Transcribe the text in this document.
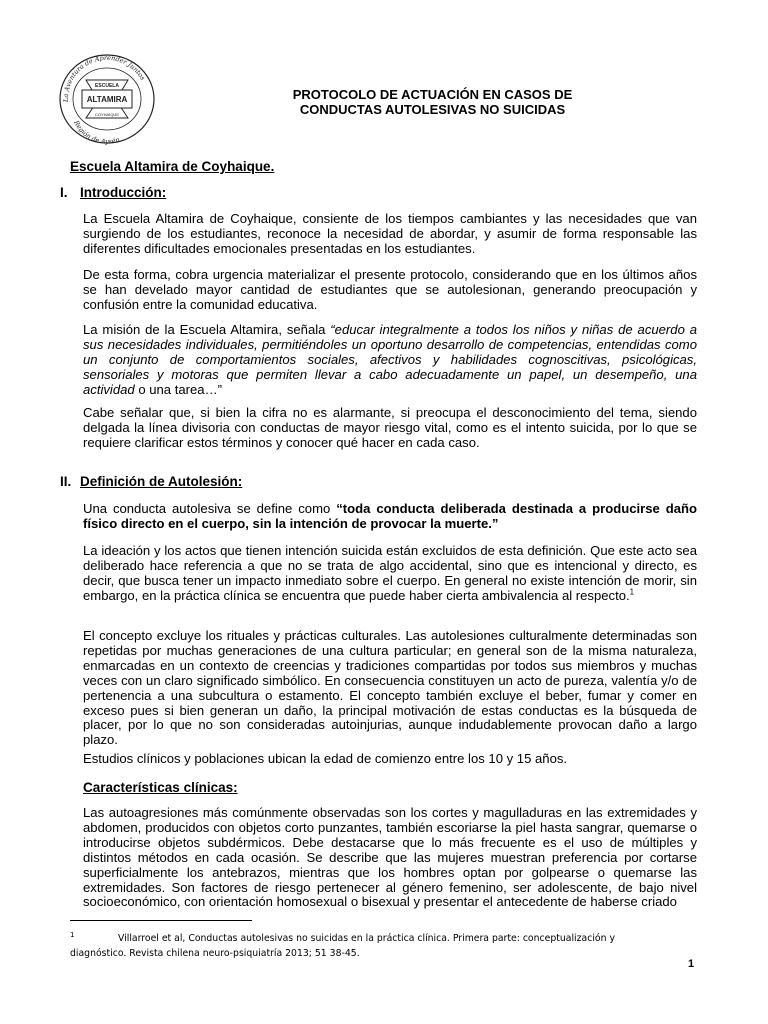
La Aventura de Aprender Juntos
Región de Aysén
ESCUELA
ALTAMIRA
COYHAIQUE
PROTOCOLO DE ACTUACIÓN EN CASOS DE
CONDUCTAS AUTOLESIVAS NO SUICIDAS
Escuela Altamira de Coyhaique.
I. Introducción:

La Escuela Altamira de Coyhaique, consiente de los tiempos cambiantes y las necesidades que van surgiendo de los estudiantes, reconoce la necesidad de abordar, y asumir de forma responsable las diferentes dificultades emocionales presentadas en los estudiantes.

De esta forma, cobra urgencia materializar el presente protocolo, considerando que en los últimos años se han develado mayor cantidad de estudiantes que se autolesionan, generando preocupación y confusión entre la comunidad educativa.

La misión de la Escuela Altamira, señala “educar integralmente a todos los niños y niñas de acuerdo a sus necesidades individuales, permitiéndoles un oportuno desarrollo de competencias, entendidas como un conjunto de comportamientos sociales, afectivos y habilidades cognoscitivas, psicológicas, sensoriales y motoras que permiten llevar a cabo adecuadamente un papel, un desempeño, una actividad o una tarea…”

Cabe señalar que, si bien la cifra no es alarmante, si preocupa el desconocimiento del tema, siendo delgada la línea divisoria con conductas de mayor riesgo vital, como es el intento suicida, por lo que se requiere clarificar estos términos y conocer qué hacer en cada caso.

II. Definición de Autolesión:

Una conducta autolesiva se define como “toda conducta deliberada destinada a producirse daño físico directo en el cuerpo, sin la intención de provocar la muerte.”

La ideación y los actos que tienen intención suicida están excluidos de esta definición. Que este acto sea deliberado hace referencia a que no se trata de algo accidental, sino que es intencional y directo, es decir, que busca tener un impacto inmediato sobre el cuerpo. En general no existe intención de morir, sin embargo, en la práctica clínica se encuentra que puede haber cierta ambivalencia al respecto.$^1$

El concepto excluye los rituales y prácticas culturales. Las autolesiones culturalmente determinadas son repetidas por muchas generaciones de una cultura particular; en general son de la misma naturaleza, enmarcadas en un contexto de creencias y tradiciones compartidas por todos sus miembros y muchas veces con un claro significado simbólico. En consecuencia constituyen un acto de pureza, valentía y/o de pertenencia a una subcultura o estamento. El concepto también excluye el beber, fumar y comer en exceso pues si bien generan un daño, la principal motivación de estas conductas es la búsqueda de placer, por lo que no son consideradas autoinjurias, aunque indudablemente provocan daño a largo plazo.

Estudios clínicos y poblaciones ubican la edad de comienzo entre los 10 y 15 años.

Características clínicas:

Las autoagresiones más comúnmente observadas son los cortes y magulladuras en las extremidades y abdomen, producidos con objetos corto punzantes, también escoriarse la piel hasta sangrar, quemarse o introducirse objetos subdérmicos. Debe destacarse que lo más frecuente es el uso de múltiples y distintos métodos en cada ocasión. Se describe que las mujeres muestran preferencia por cortarse superficialmente los antebrazos, mientras que los hombres optan por golpearse o quemarse las extremidades. Son factores de riesgo pertenecer al género femenino, ser adolescente, de bajo nivel socioeconómico, con orientación homosexual o bisexual y presentar el antecedente de haberse criado

1	Villarroel et al, Conductas autolesivas no suicidas en la práctica clínica. Primera parte: conceptualización y diagnóstico. Revista chilena neuro-psiquiatría 2013; 51 38-45.
1
